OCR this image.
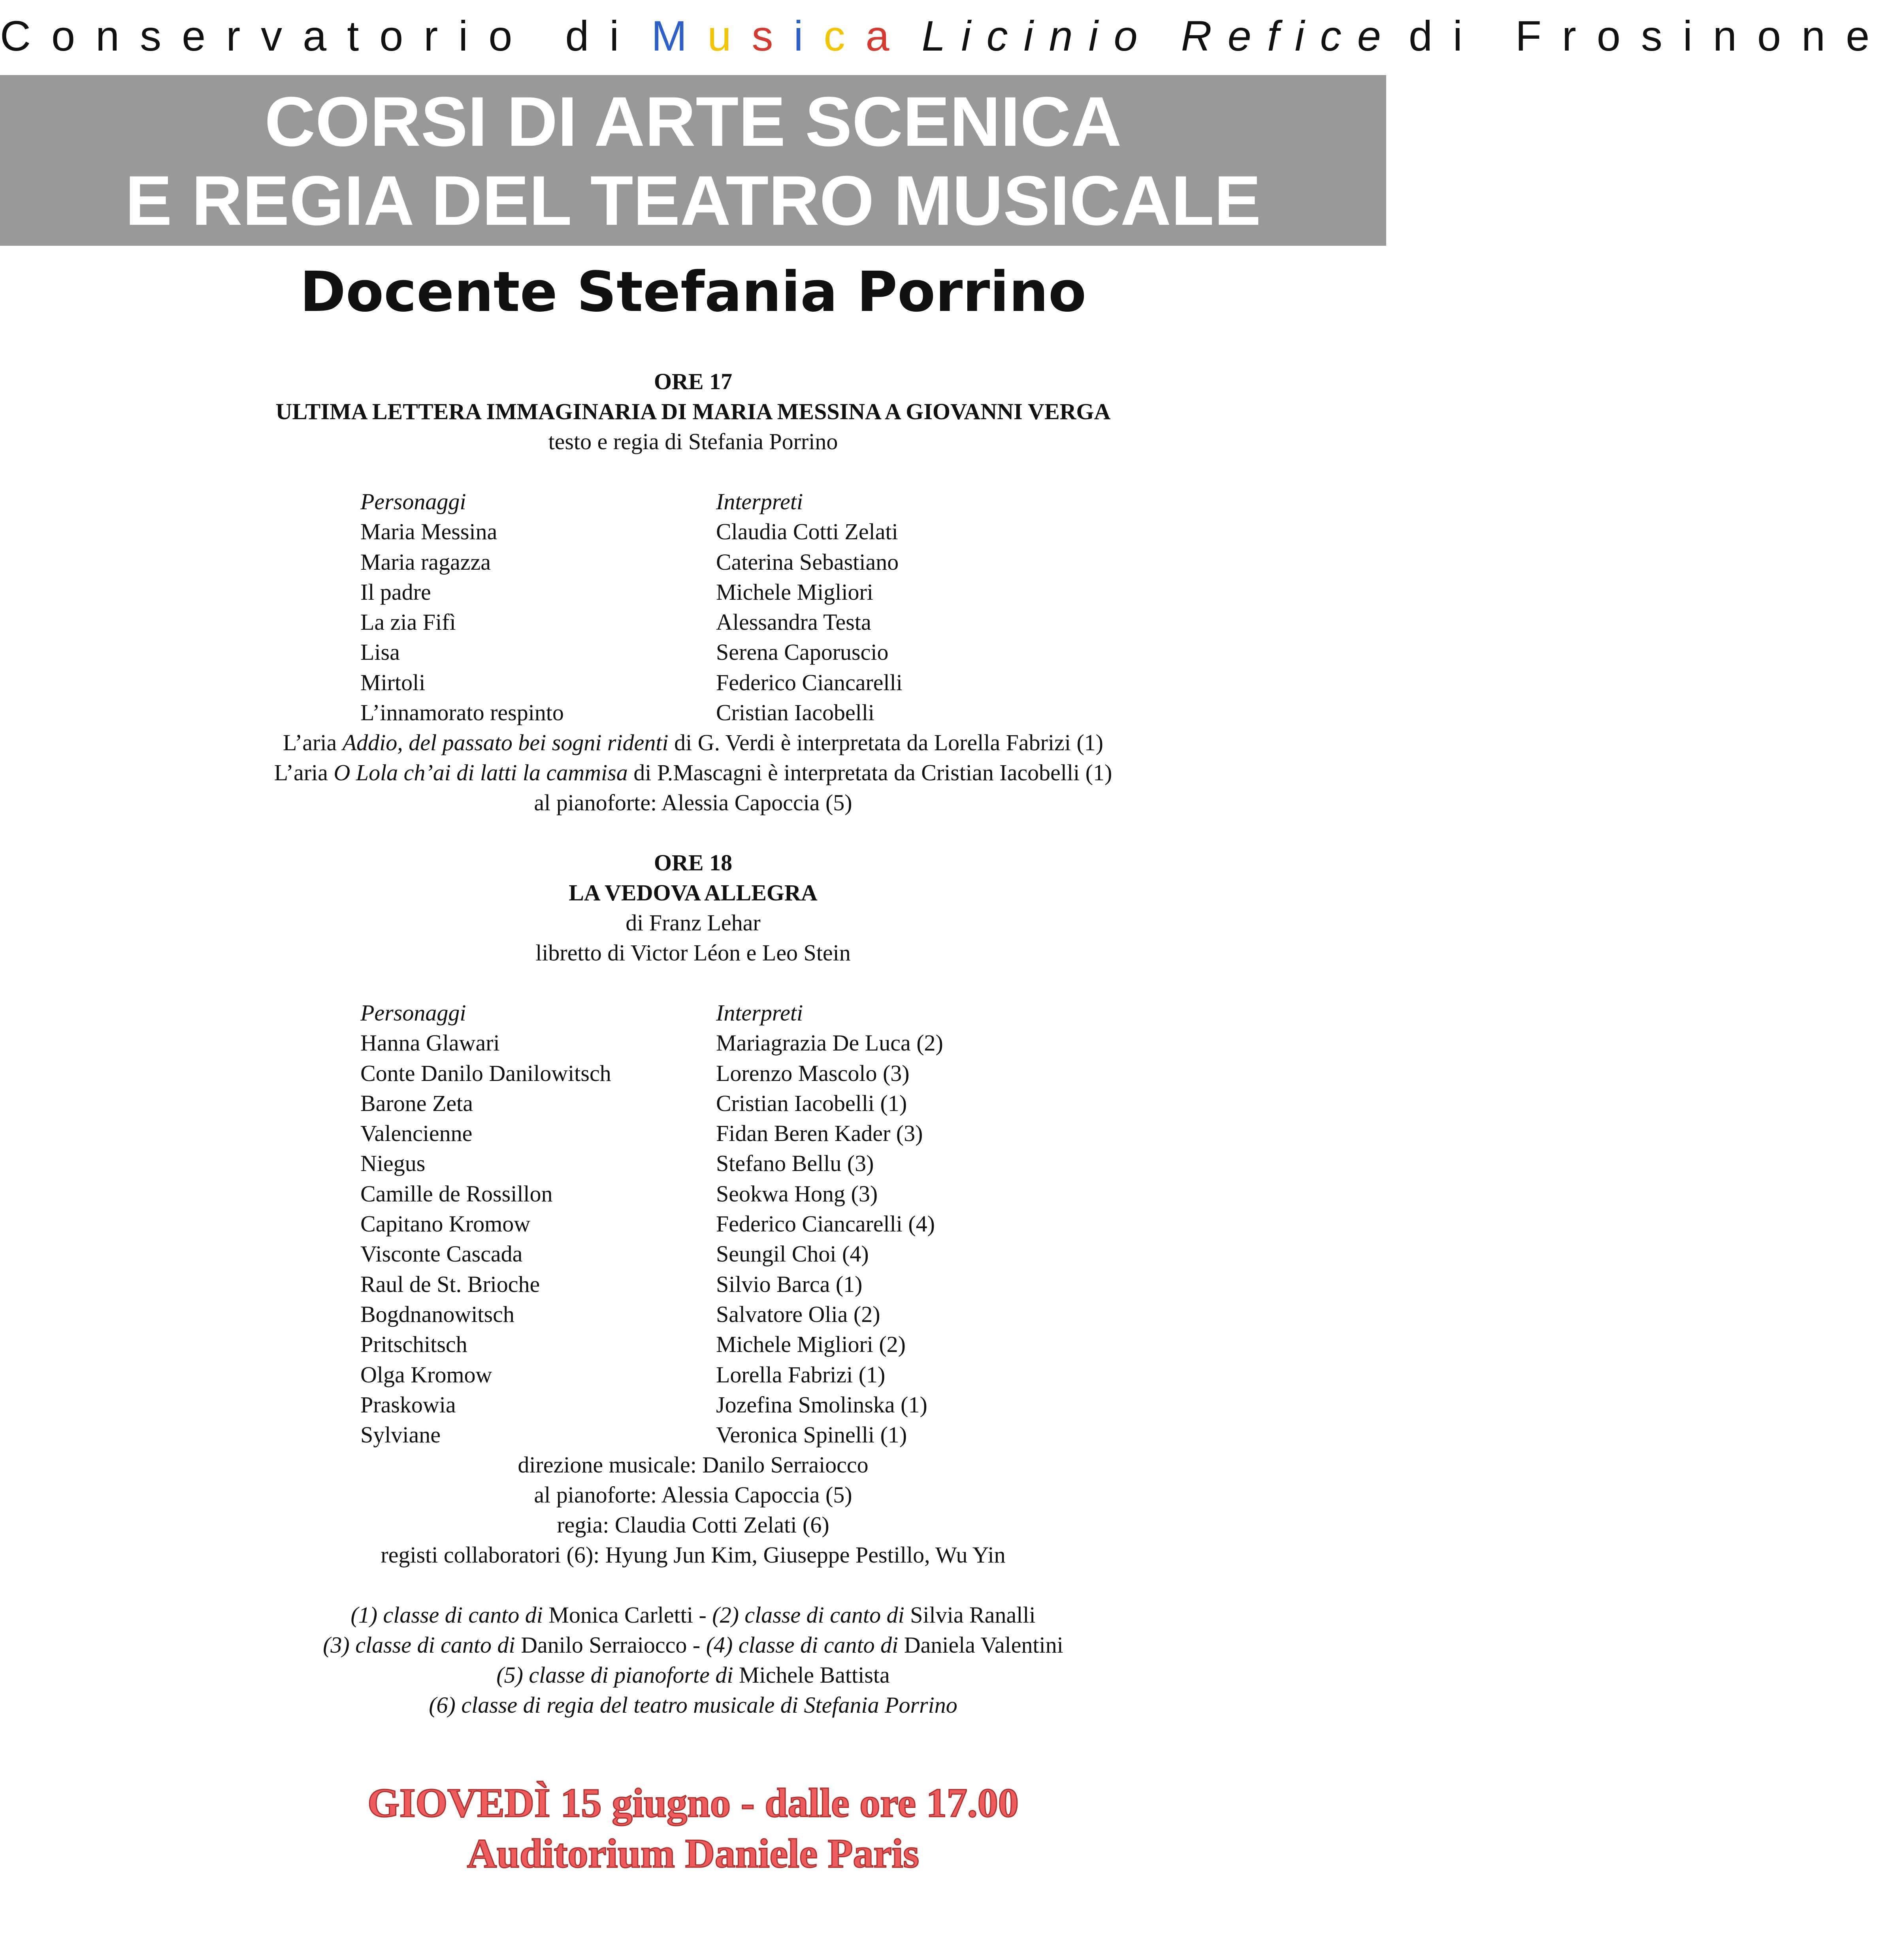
Conservatorio di Musica Licinio Refice di Frosinone
CORSI DI ARTE SCENICA
E REGIA DEL TEATRO MUSICALE
Docente Stefania Porrino
ORE 17
ULTIMA LETTERA IMMAGINARIA DI MARIA MESSINA A GIOVANNI VERGA
testo e regia di Stefania Porrino
Personaggi	Interpreti
Maria Messina	Claudia Cotti Zelati
Maria ragazza	Caterina Sebastiano
Il padre	Michele Migliori
La zia Fifì	Alessandra Testa
Lisa	Serena Caporuscio
Mirtoli	Federico Ciancarelli
L’innamorato respinto	Cristian Iacobelli
L’aria Addio, del passato bei sogni ridenti di G. Verdi è interpretata da Lorella Fabrizi (1)
L’aria O Lola ch’ai di latti la cammisa di P.Mascagni è interpretata da Cristian Iacobelli (1)
al pianoforte: Alessia Capoccia (5)
ORE 18
LA VEDOVA ALLEGRA
di Franz Lehar
libretto di Victor Léon e Leo Stein
Personaggi	Interpreti
Hanna Glawari	Mariagrazia De Luca (2)
Conte Danilo Danilowitsch	Lorenzo Mascolo (3)
Barone Zeta	Cristian Iacobelli (1)
Valencienne	Fidan Beren Kader (3)
Niegus	Stefano Bellu (3)
Camille de Rossillon	Seokwa Hong (3)
Capitano Kromow	Federico Ciancarelli (4)
Visconte Cascada	Seungil Choi (4)
Raul de St. Brioche	Silvio Barca (1)
Bogdnanowitsch	Salvatore Olia (2)
Pritschitsch	Michele Migliori (2)
Olga Kromow	Lorella Fabrizi (1)
Praskowia	Jozefina Smolinska (1)
Sylviane	Veronica Spinelli (1)
direzione musicale: Danilo Serraiocco
al pianoforte: Alessia Capoccia (5)
regia: Claudia Cotti Zelati (6)
registi collaboratori (6): Hyung Jun Kim, Giuseppe Pestillo, Wu Yin
(1) classe di canto di Monica Carletti - (2) classe di canto di Silvia Ranalli
(3) classe di canto di Danilo Serraiocco - (4) classe di canto di Daniela Valentini
(5) classe di pianoforte di Michele Battista
(6) classe di regia del teatro musicale di Stefania Porrino
GIOVEDÌ 15 giugno - dalle ore 17.00
Auditorium Daniele Paris
